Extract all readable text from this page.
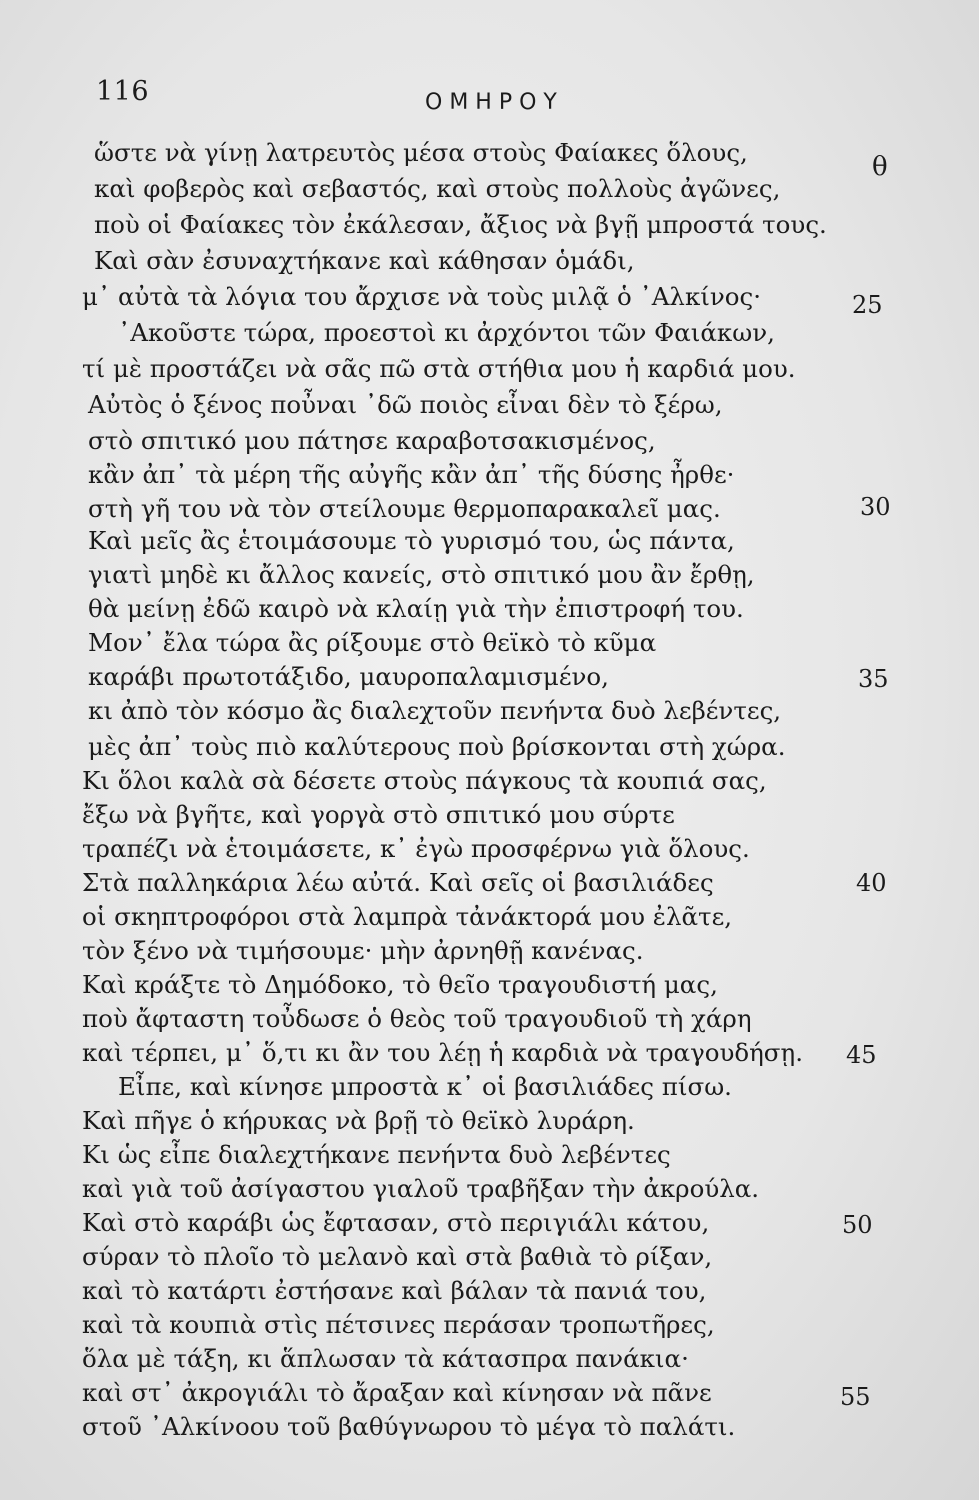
116	ΟΜΗΡΟΥ
ὥστε νὰ γίνῃ λατρευτὸς μέσα στοὺς Φαίακες ὅλους,
καὶ φοβερὸς καὶ σεβαστός, καὶ στοὺς πολλοὺς ἀγῶνες,
ποὺ οἱ Φαίακες τὸν ἐκάλεσαν, ἄξιος νὰ βγῇ μπροστά τους.
Καὶ σὰν ἐσυναχτήκανε καὶ κάθησαν ὁμάδι,
μ᾿ αὐτὰ τὰ λόγια του ἄρχισε νὰ τοὺς μιλᾷ ὁ ᾿Αλκίνος·
᾿Ακοῦστε τώρα, προεστοὶ κι ἀρχόντοι τῶν Φαιάκων,
τί μὲ προστάζει νὰ σᾶς πῶ στὰ στήθια μου ἡ καρδιά μου.
Αὐτὸς ὁ ξένος ποὖναι ᾿δῶ ποιὸς εἶναι δὲν τὸ ξέρω,
στὸ σπιτικό μου πάτησε καραβοτσακισμένος,
κἂν ἀπ᾿ τὰ μέρη τῆς αὐγῆς κἂν ἀπ᾿ τῆς δύσης ἦρθε·
στὴ γῆ του νὰ τὸν στείλουμε θερμοπαρακαλεῖ μας.
Καὶ μεῖς ἂς ἑτοιμάσουμε τὸ γυρισμό του, ὡς πάντα,
γιατὶ μηδὲ κι ἄλλος κανείς, στὸ σπιτικό μου ἂν ἔρθῃ,
θὰ μείνῃ ἐδῶ καιρὸ νὰ κλαίῃ γιὰ τὴν ἐπιστροφή του.
Μον᾿ ἔλα τώρα ἂς ρίξουμε στὸ θεϊκὸ τὸ κῦμα
καράβι πρωτοτάξιδο, μαυροπαλαμισμένο,
κι ἀπὸ τὸν κόσμο ἂς διαλεχτοῦν πενήντα δυὸ λεβέντες,
μὲς ἀπ᾿ τοὺς πιὸ καλύτερους ποὺ βρίσκονται στὴ χώρα.
Κι ὅλοι καλὰ σὰ δέσετε στοὺς πάγκους τὰ κουπιά σας,
ἔξω νὰ βγῆτε, καὶ γοργὰ στὸ σπιτικό μου σύρτε
τραπέζι νὰ ἑτοιμάσετε, κ᾿ ἐγὼ προσφέρνω γιὰ ὅλους.
Στὰ παλληκάρια λέω αὐτά. Καὶ σεῖς οἱ βασιλιάδες
οἱ σκηπτροφόροι στὰ λαμπρὰ τἀνάκτορά μου ἐλᾶτε,
τὸν ξένο νὰ τιμήσουμε· μὴν ἀρνηθῇ κανένας.
Καὶ κράξτε τὸ Δημόδοκο, τὸ θεῖο τραγουδιστή μας,
ποὺ ἄφταστη τοὖδωσε ὁ θεὸς τοῦ τραγουδιοῦ τὴ χάρη
καὶ τέρπει, μ᾿ ὅ,τι κι ἂν του λέῃ ἡ καρδιὰ νὰ τραγουδήσῃ.
Εἶπε, καὶ κίνησε μπροστὰ κ᾿ οἱ βασιλιάδες πίσω.
Καὶ πῆγε ὁ κήρυκας νὰ βρῇ τὸ θεϊκὸ λυράρη.
Κι ὡς εἶπε διαλεχτήκανε πενήντα δυὸ λεβέντες
καὶ γιὰ τοῦ ἀσίγαστου γιαλοῦ τραβῆξαν τὴν ἀκρούλα.
Καὶ στὸ καράβι ὡς ἔφτασαν, στὸ περιγιάλι κάτου,
σύραν τὸ πλοῖο τὸ μελανὸ καὶ στὰ βαθιὰ τὸ ρίξαν,
καὶ τὸ κατάρτι ἐστήσανε καὶ βάλαν τὰ πανιά του,
καὶ τὰ κουπιὰ στὶς πέτσινες περάσαν τροπωτῆρες,
ὅλα μὲ τάξη, κι ἅπλωσαν τὰ κάτασπρα πανάκια·
καὶ στ᾿ ἀκρογιάλι τὸ ἄραξαν καὶ κίνησαν νὰ πᾶνε
στοῦ ᾿Αλκίνοου τοῦ βαθύγνωρου τὸ μέγα τὸ παλάτι.
θ
25
30
35
40
45
50
55
